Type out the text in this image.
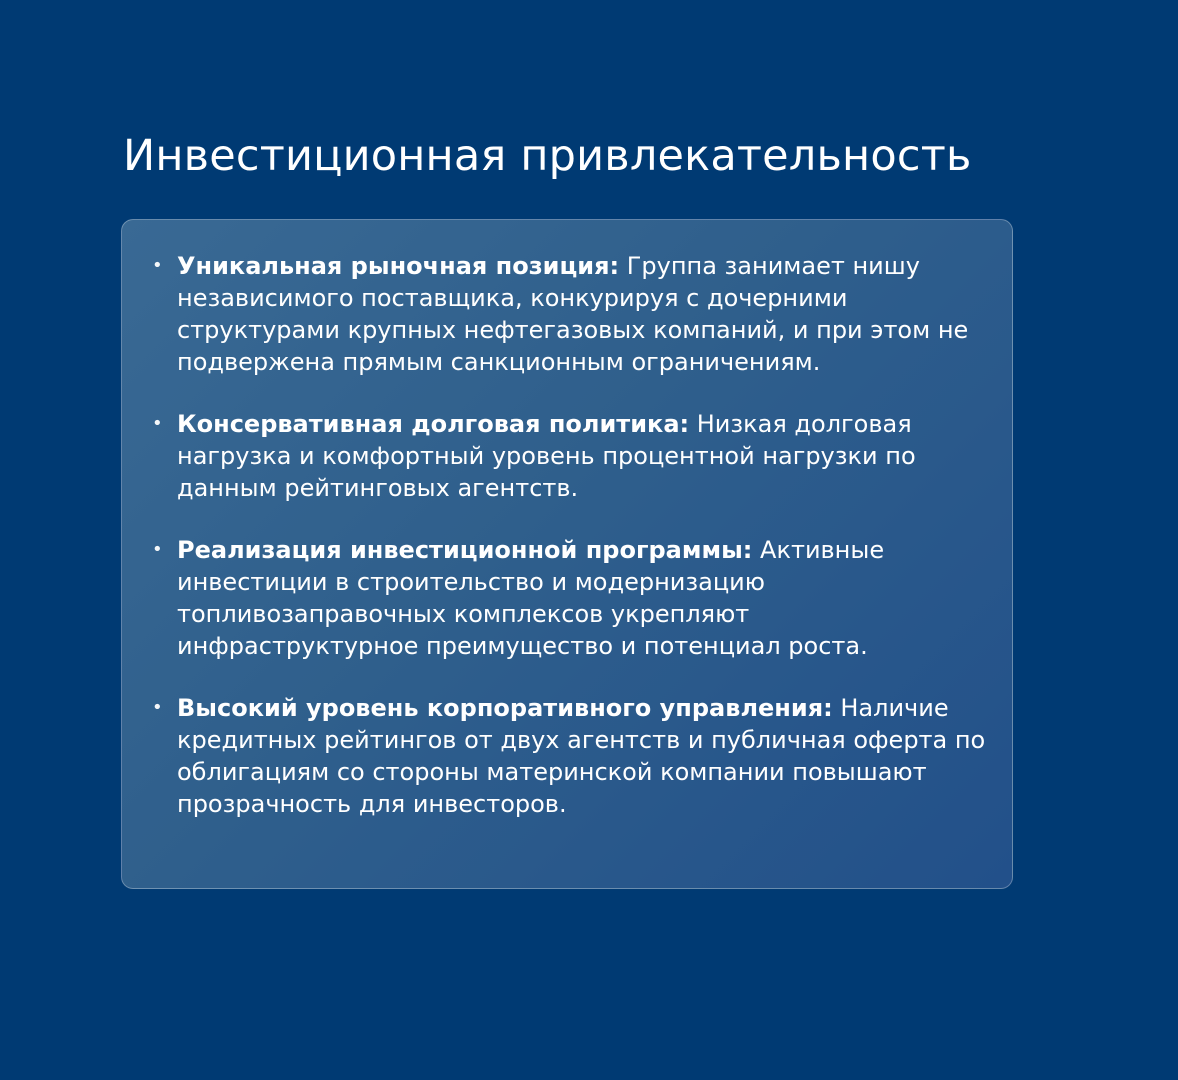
Инвестиционная привлекательность
• Уникальная рыночная позиция: Группа занимает нишу независимого поставщика, конкурируя с дочерними структурами крупных нефтегазовых компаний, и при этом не подвержена прямым санкционным ограничениям.
• Консервативная долговая политика: Низкая долговая нагрузка и комфортный уровень процентной нагрузки по данным рейтинговых агентств.
• Реализация инвестиционной программы: Активные инвестиции в строительство и модернизацию топливозаправочных комплексов укрепляют инфраструктурное преимущество и потенциал роста.
• Высокий уровень корпоративного управления: Наличие кредитных рейтингов от двух агентств и публичная оферта по облигациям со стороны материнской компании повышают прозрачность для инвесторов.
